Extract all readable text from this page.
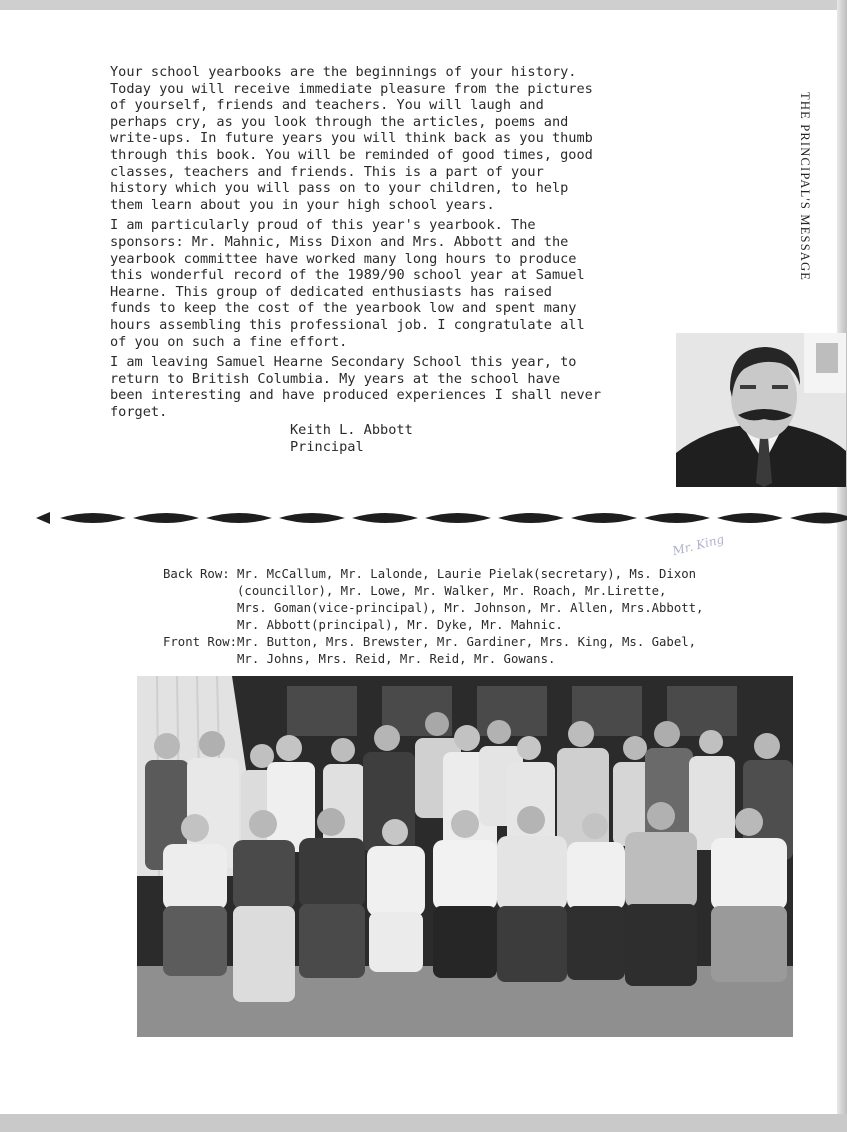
Your school yearbooks are the beginnings of your history.
Today you will receive immediate pleasure from the pictures
of yourself, friends and teachers. You will laugh and
perhaps cry, as you look through the articles, poems and
write-ups. In future years you will think back as you thumb
through this book. You will be reminded of good times, good
classes, teachers and friends. This is a part of your
history which you will pass on to your children, to help
them learn about you in your high school years.

I am particularly proud of this year's yearbook. The
sponsors: Mr. Mahnic, Miss Dixon and Mrs. Abbott and the
yearbook committee have worked many long hours to produce
this wonderful record of the 1989/90 school year at Samuel
Hearne. This group of dedicated enthusiasts has raised
funds to keep the cost of the yearbook low and spent many
hours assembling this professional job. I congratulate all
of you on such a fine effort.

I am leaving Samuel Hearne Secondary School this year, to
return to British Columbia. My years at the school have
been interesting and have produced experiences I shall never
forget.

Keith L. Abbott
Principal
THE PRINCIPAL'S MESSAGE
Mr. King
Back Row: Mr. McCallum, Mr. Lalonde, Laurie Pielak(secretary), Ms. Dixon
(councillor), Mr. Lowe, Mr. Walker, Mr. Roach, Mr.Lirette,
Mrs. Goman(vice-principal), Mr. Johnson, Mr. Allen, Mrs.Abbott,
Mr. Abbott(principal), Mr. Dyke, Mr. Mahnic.
Front Row:Mr. Button, Mrs. Brewster, Mr. Gardiner, Mrs. King, Ms. Gabel,
Mr. Johns, Mrs. Reid, Mr. Reid, Mr. Gowans.
